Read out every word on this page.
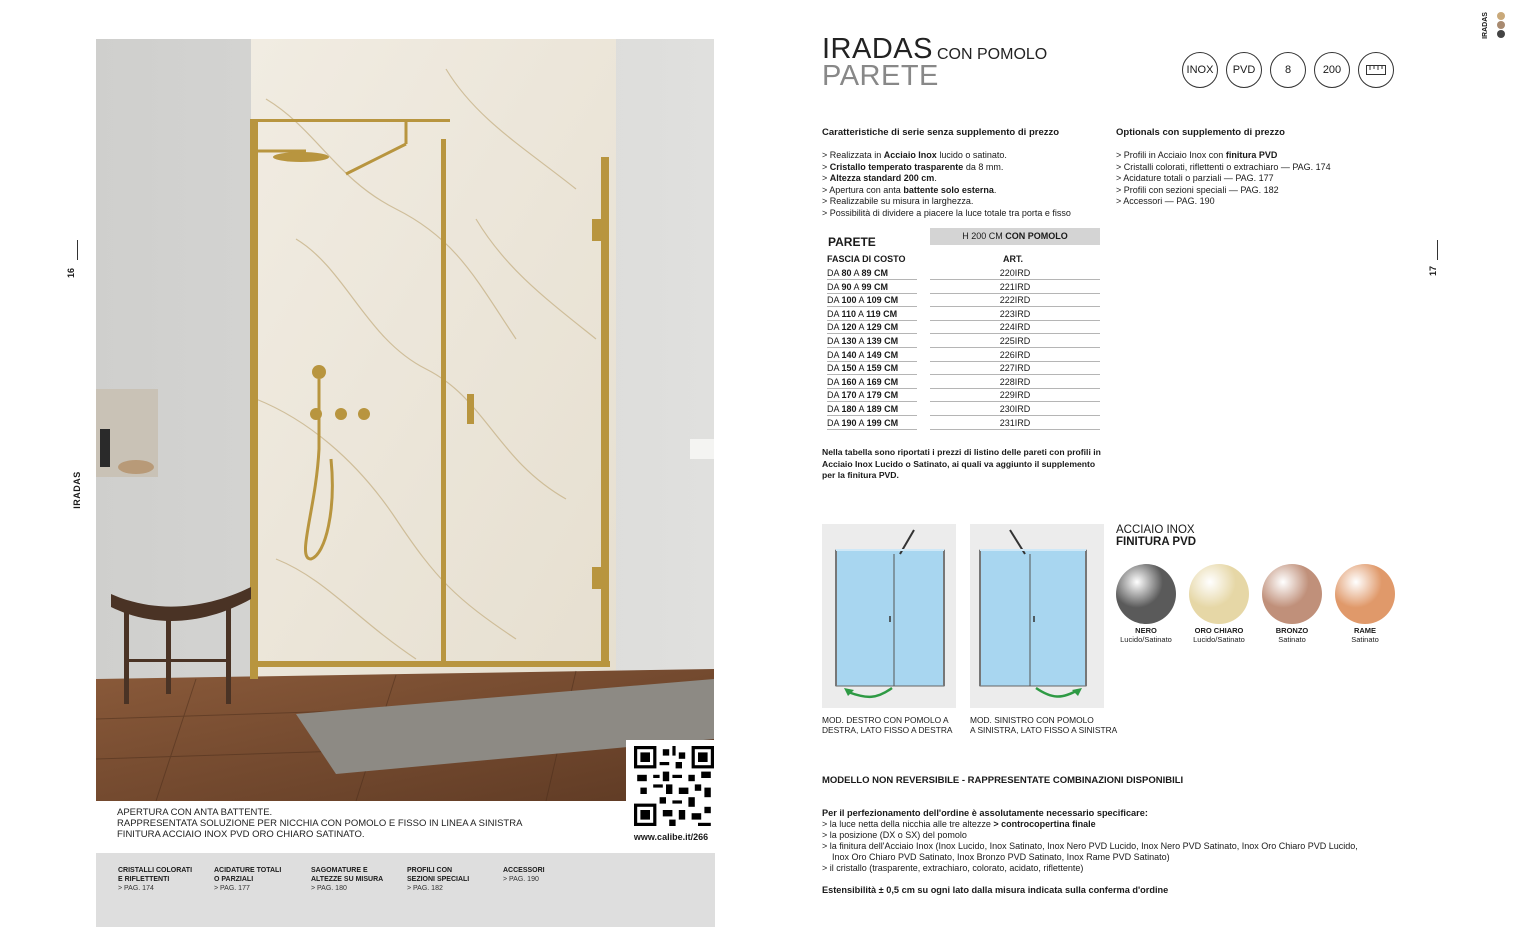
16
IRADAS
www.calibe.it/266
APERTURA CON ANTA BATTENTE.
RAPPRESENTATA SOLUZIONE PER NICCHIA CON POMOLO E FISSO IN LINEA A SINISTRA
FINITURA ACCIAIO INOX PVD ORO CHIARO SATINATO.
CRISTALLI COLORATI
E RIFLETTENTI
> PAG. 174
ACIDATURE TOTALI
O PARZIALI
> PAG. 177
SAGOMATURE E
ALTEZZE SU MISURA
> PAG. 180
PROFILI CON
SEZIONI SPECIALI
> PAG. 182
ACCESSORI
> PAG. 190
IRADAS
PARETE
CON POMOLO
INOX	PVD	8	200
Caratteristiche di serie senza supplemento di prezzo
> Realizzata in Acciaio Inox lucido o satinato.
> Cristallo temperato trasparente da 8 mm.
> Altezza standard 200 cm.
> Apertura con anta battente solo esterna.
> Realizzabile su misura in larghezza.
> Possibilità di dividere a piacere la luce totale tra porta e fisso
Optionals con supplemento di prezzo
> Profili in Acciaio Inox con finitura PVD
> Cristalli colorati, riflettenti o extrachiaro — PAG. 174
> Acidature totali o parziali — PAG. 177
> Profili con sezioni speciali — PAG. 182
> Accessori — PAG. 190
PARETE	H 200 CM CON POMOLO
FASCIA DI COSTO	ART.
DA 80 A 89 CM	220IRD
DA 90 A 99 CM	221IRD
DA 100 A 109 CM	222IRD
DA 110 A 119 CM	223IRD
DA 120 A 129 CM	224IRD
DA 130 A 139 CM	225IRD
DA 140 A 149 CM	226IRD
DA 150 A 159 CM	227IRD
DA 160 A 169 CM	228IRD
DA 170 A 179 CM	229IRD
DA 180 A 189 CM	230IRD
DA 190 A 199 CM	231IRD
Nella tabella sono riportati i prezzi di listino delle pareti con profili in Acciaio Inox Lucido o Satinato, ai quali va aggiunto il supplemento per la finitura PVD.
MOD. DESTRO CON POMOLO A
DESTRA, LATO FISSO A DESTRA
MOD. SINISTRO CON POMOLO
A SINISTRA, LATO FISSO A SINISTRA
ACCIAIO INOX
FINITURA PVD
NERO
Lucido/Satinato
ORO CHIARO
Lucido/Satinato
BRONZO
Satinato
RAME
Satinato
MODELLO NON REVERSIBILE - RAPPRESENTATE COMBINAZIONI DISPONIBILI
Per il perfezionamento dell'ordine è assolutamente necessario specificare:
> la luce netta della nicchia alle tre altezze > controcopertina finale
> la posizione (DX o SX) del pomolo
> la finitura dell'Acciaio Inox (Inox Lucido, Inox Satinato, Inox Nero PVD Lucido, Inox Nero PVD Satinato, Inox Oro Chiaro PVD Lucido,
Inox Oro Chiaro PVD Satinato, Inox Bronzo PVD Satinato, Inox Rame PVD Satinato)
> il cristallo (trasparente, extrachiaro, colorato, acidato, riflettente)
Estensibilità ± 0,5 cm su ogni lato dalla misura indicata sulla conferma d'ordine
17
IRADAS
